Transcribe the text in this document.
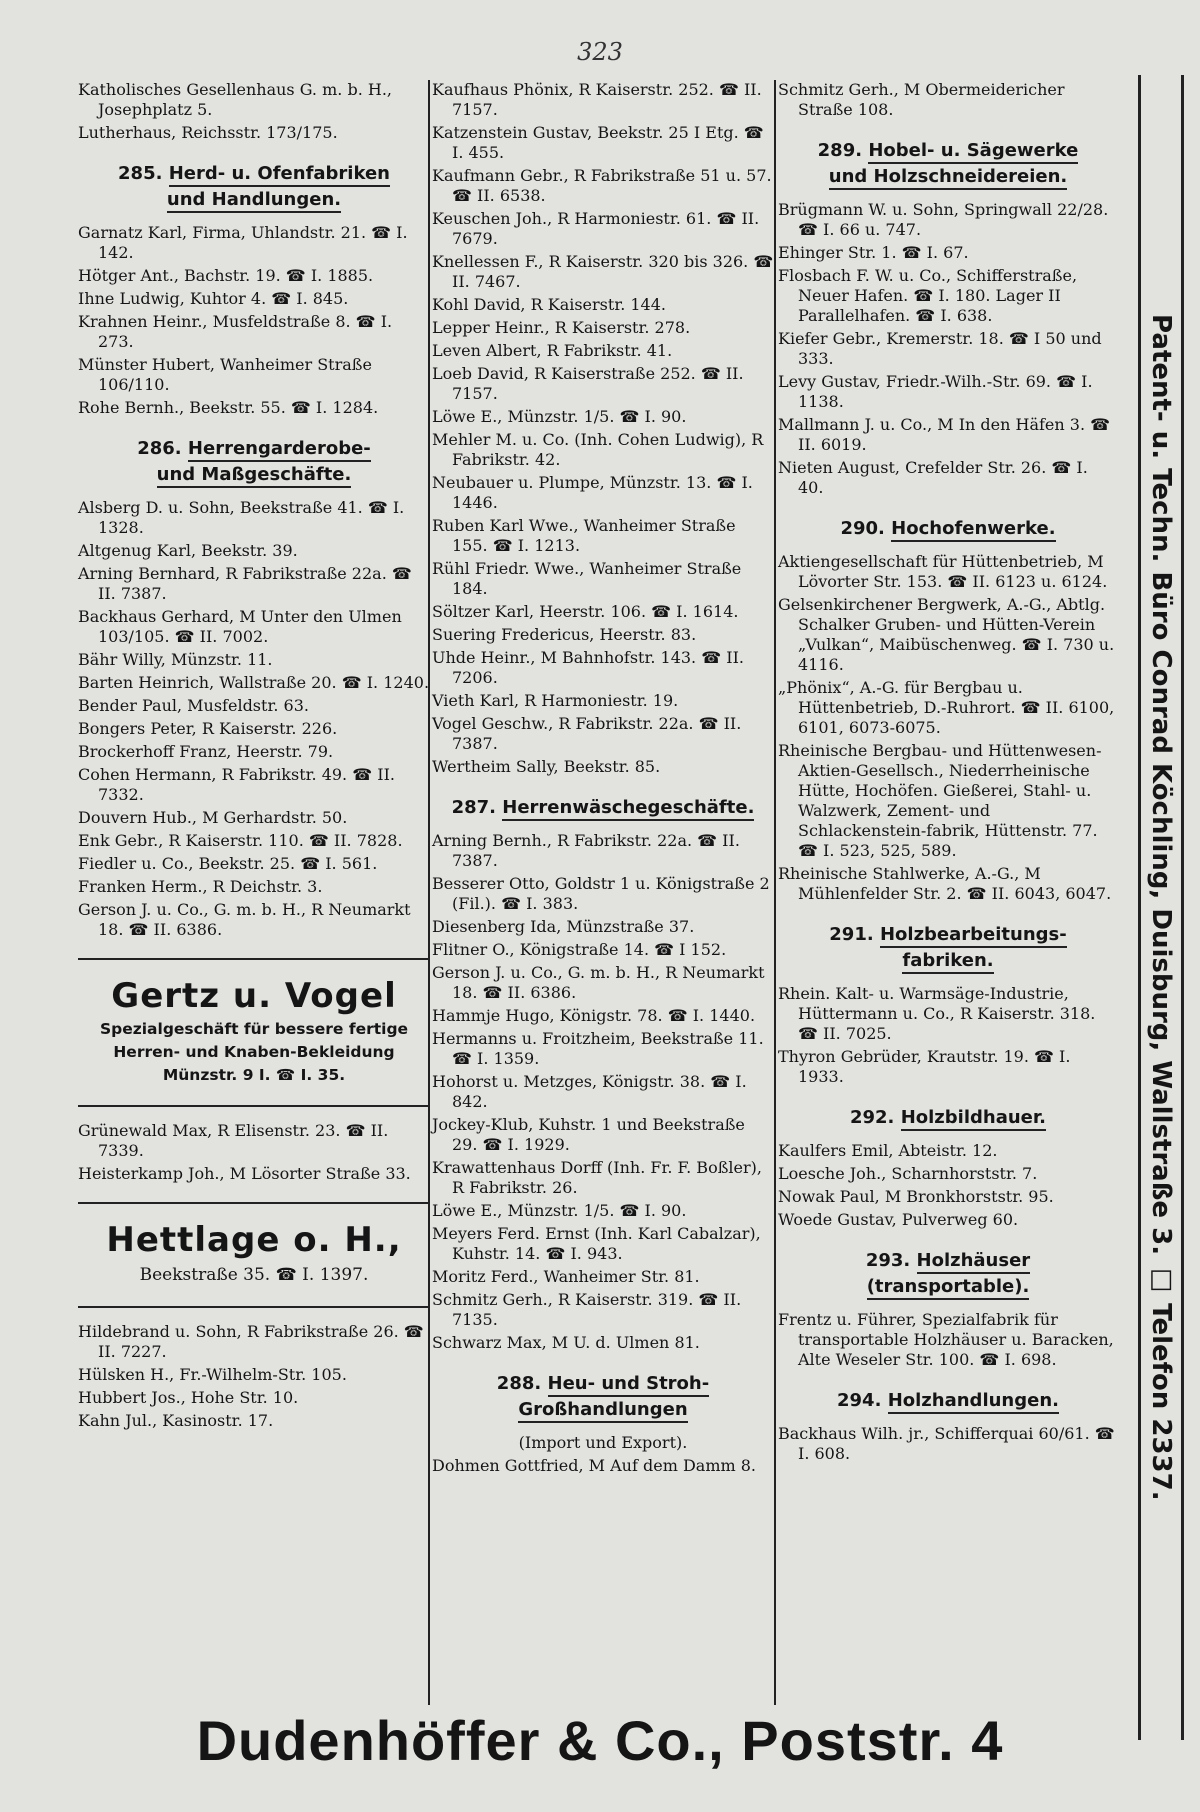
323

Katholisches Gesellenhaus G. m. b. H., Josephplatz 5.

Lutherhaus, Reichsstr. 173/175.

285. Herd- u. Ofenfabriken
und Handlungen.

Garnatz Karl, Firma, Uhlandstr. 21. ☎ I. 142.

Hötger Ant., Bachstr. 19. ☎ I. 1885.

Ihne Ludwig, Kuhtor 4. ☎ I. 845.

Krahnen Heinr., Musfeldstraße 8. ☎ I. 273.

Münster Hubert, Wanheimer Straße 106/110.

Rohe Bernh., Beekstr. 55. ☎ I. 1284.

286. Herrengarderobe-
und Maßgeschäfte.

Alsberg D. u. Sohn, Beekstraße 41. ☎ I. 1328.

Altgenug Karl, Beekstr. 39.

Arning Bernhard, R Fabrikstraße 22a. ☎ II. 7387.

Backhaus Gerhard, M Unter den Ulmen 103/105. ☎ II. 7002.

Bähr Willy, Münzstr. 11.

Barten Heinrich, Wallstraße 20. ☎ I. 1240.

Bender Paul, Musfeldstr. 63.

Bongers Peter, R Kaiserstr. 226.

Brockerhoff Franz, Heerstr. 79.

Cohen Hermann, R Fabrikstr. 49. ☎ II. 7332.

Douvern Hub., M Gerhardstr. 50.

Enk Gebr., R Kaiserstr. 110. ☎ II. 7828.

Fiedler u. Co., Beekstr. 25. ☎ I. 561.

Franken Herm., R Deichstr. 3.

Gerson J. u. Co., G. m. b. H., R Neumarkt 18. ☎ II. 6386.

Gertz u. Vogel
Spezialgeschäft für bessere fertige
Herren- und Knaben-Bekleidung
Münzstr. 9 I. ☎ I. 35.

Grünewald Max, R Elisenstr. 23. ☎ II. 7339.

Heisterkamp Joh., M Lösorter Straße 33.

Hettlage o. H.,
Beekstraße 35. ☎ I. 1397.

Hildebrand u. Sohn, R Fabrikstraße 26. ☎ II. 7227.

Hülsken H., Fr.-Wilhelm-Str. 105.

Hubbert Jos., Hohe Str. 10.

Kahn Jul., Kasinostr. 17.

Kaufhaus Phönix, R Kaiserstr. 252. ☎ II. 7157.

Katzenstein Gustav, Beekstr. 25 I Etg. ☎ I. 455.

Kaufmann Gebr., R Fabrikstraße 51 u. 57. ☎ II. 6538.

Keuschen Joh., R Harmoniestr. 61. ☎ II. 7679.

Knellessen F., R Kaiserstr. 320 bis 326. ☎ II. 7467.

Kohl David, R Kaiserstr. 144.

Lepper Heinr., R Kaiserstr. 278.

Leven Albert, R Fabrikstr. 41.

Loeb David, R Kaiserstraße 252. ☎ II. 7157.

Löwe E., Münzstr. 1/5. ☎ I. 90.

Mehler M. u. Co. (Inh. Cohen Ludwig), R Fabrikstr. 42.

Neubauer u. Plumpe, Münzstr. 13. ☎ I. 1446.

Ruben Karl Wwe., Wanheimer Straße 155. ☎ I. 1213.

Rühl Friedr. Wwe., Wanheimer Straße 184.

Söltzer Karl, Heerstr. 106. ☎ I. 1614.

Suering Fredericus, Heerstr. 83.

Uhde Heinr., M Bahnhofstr. 143. ☎ II. 7206.

Vieth Karl, R Harmoniestr. 19.

Vogel Geschw., R Fabrikstr. 22a. ☎ II. 7387.

Wertheim Sally, Beekstr. 85.

287. Herrenwäschegeschäfte.

Arning Bernh., R Fabrikstr. 22a. ☎ II. 7387.

Besserer Otto, Goldstr 1 u. Königstraße 2 (Fil.). ☎ I. 383.

Diesenberg Ida, Münzstraße 37.

Flitner O., Königstraße 14. ☎ I 152.

Gerson J. u. Co., G. m. b. H., R Neumarkt 18. ☎ II. 6386.

Hammje Hugo, Königstr. 78. ☎ I. 1440.

Hermanns u. Froitzheim, Beekstraße 11. ☎ I. 1359.

Hohorst u. Metzges, Königstr. 38. ☎ I. 842.

Jockey-Klub, Kuhstr. 1 und Beekstraße 29. ☎ I. 1929.

Krawattenhaus Dorff (Inh. Fr. F. Boßler), R Fabrikstr. 26.

Löwe E., Münzstr. 1/5. ☎ I. 90.

Meyers Ferd. Ernst (Inh. Karl Cabalzar), Kuhstr. 14. ☎ I. 943.

Moritz Ferd., Wanheimer Str. 81.

Schmitz Gerh., R Kaiserstr. 319. ☎ II. 7135.

Schwarz Max, M U. d. Ulmen 81.

288. Heu- und Stroh-
Großhandlungen

(Import und Export).

Dohmen Gottfried, M Auf dem Damm 8.

Schmitz Gerh., M Obermeidericher Straße 108.

289. Hobel- u. Sägewerke
und Holzschneidereien.

Brügmann W. u. Sohn, Springwall 22/28. ☎ I. 66 u. 747.

Ehinger Str. 1. ☎ I. 67.

Flosbach F. W. u. Co., Schifferstraße, Neuer Hafen. ☎ I. 180. Lager II Parallelhafen. ☎ I. 638.

Kiefer Gebr., Kremerstr. 18. ☎ I 50 und 333.

Levy Gustav, Friedr.-Wilh.-Str. 69. ☎ I. 1138.

Mallmann J. u. Co., M In den Häfen 3. ☎ II. 6019.

Nieten August, Crefelder Str. 26. ☎ I. 40.

290. Hochofenwerke.

Aktiengesellschaft für Hüttenbetrieb, M Lövorter Str. 153. ☎ II. 6123 u. 6124.

Gelsenkirchener Bergwerk, A.-G., Abtlg. Schalker Gruben- und Hütten-Verein „Vulkan“, Maibüschenweg. ☎ I. 730 u. 4116.

„Phönix“, A.-G. für Bergbau u. Hüttenbetrieb, D.-Ruhrort. ☎ II. 6100, 6101, 6073-6075.

Rheinische Bergbau- und Hüttenwesen-Aktien-Gesellsch., Niederrheinische Hütte, Hochöfen. Gießerei, Stahl- u. Walzwerk, Zement- und Schlackenstein-fabrik, Hüttenstr. 77. ☎ I. 523, 525, 589.

Rheinische Stahlwerke, A.-G., M Mühlenfelder Str. 2. ☎ II. 6043, 6047.

291. Holzbearbeitungs-
fabriken.

Rhein. Kalt- u. Warmsäge-Industrie, Hüttermann u. Co., R Kaiserstr. 318. ☎ II. 7025.

Thyron Gebrüder, Krautstr. 19. ☎ I. 1933.

292. Holzbildhauer.

Kaulfers Emil, Abteistr. 12.

Loesche Joh., Scharnhorststr. 7.

Nowak Paul, M Bronkhorststr. 95.

Woede Gustav, Pulverweg 60.

293. Holzhäuser
(transportable).

Frentz u. Führer, Spezialfabrik für transportable Holzhäuser u. Baracken, Alte Weseler Str. 100. ☎ I. 698.

294. Holzhandlungen.

Backhaus Wilh. jr., Schifferquai 60/61. ☎ I. 608.	Patent- u. Techn. Büro Conrad Köchling, Duisburg, Wallstraße 3. □ Telefon 2337.
Dudenhöffer & Co., Poststr. 4
